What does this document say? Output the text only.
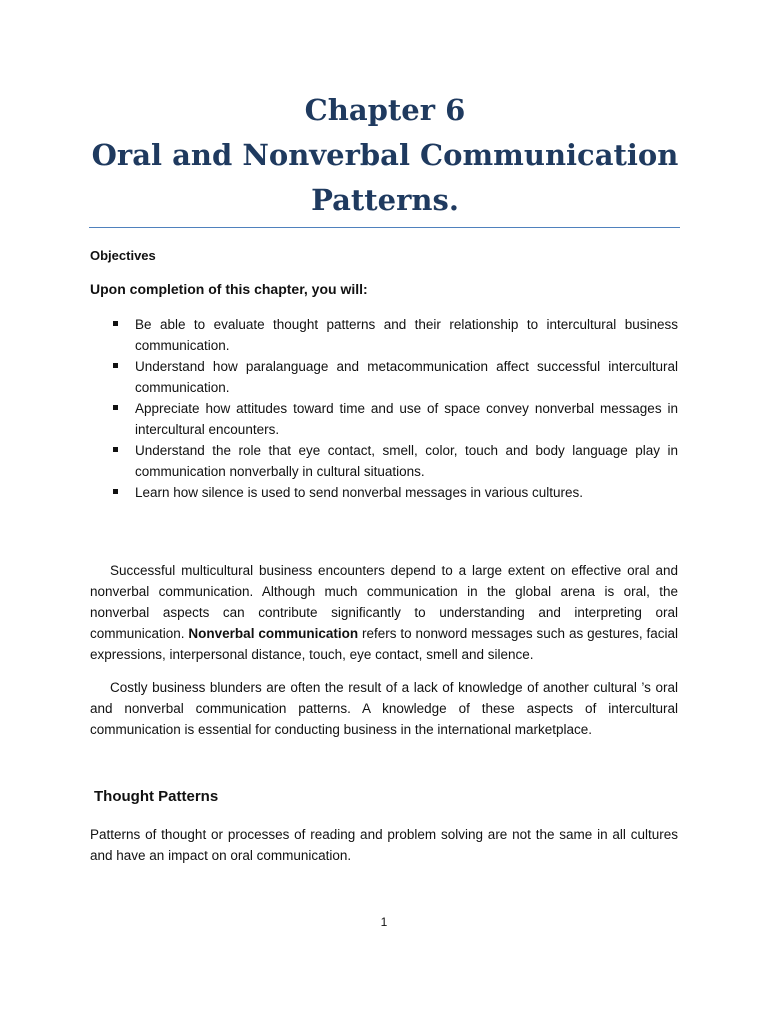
Chapter 6
Oral and Nonverbal Communication
Patterns.
Objectives
Upon completion of this chapter, you will:
Be able to evaluate thought patterns and their relationship to intercultural business communication.
Understand how paralanguage and metacommunication affect successful intercultural communication.
Appreciate how attitudes toward time and use of space convey nonverbal messages in intercultural encounters.
Understand the role that eye contact, smell, color, touch and body language play in communication nonverbally in cultural situations.
Learn how silence is used to send nonverbal messages in various cultures.

Successful multicultural business encounters depend to a large extent on effective oral and nonverbal communication. Although much communication in the global arena is oral, the nonverbal aspects can contribute significantly to understanding and interpreting oral communication. Nonverbal communication refers to nonword messages such as gestures, facial expressions, interpersonal distance, touch, eye contact, smell and silence.

Costly business blunders are often the result of a lack of knowledge of another cultural ’s oral and nonverbal communication patterns. A knowledge of these aspects of intercultural communication is essential for conducting business in the international marketplace.

Thought Patterns

Patterns of thought or processes of reading and problem solving are not the same in all cultures and have an impact on oral communication.

1
